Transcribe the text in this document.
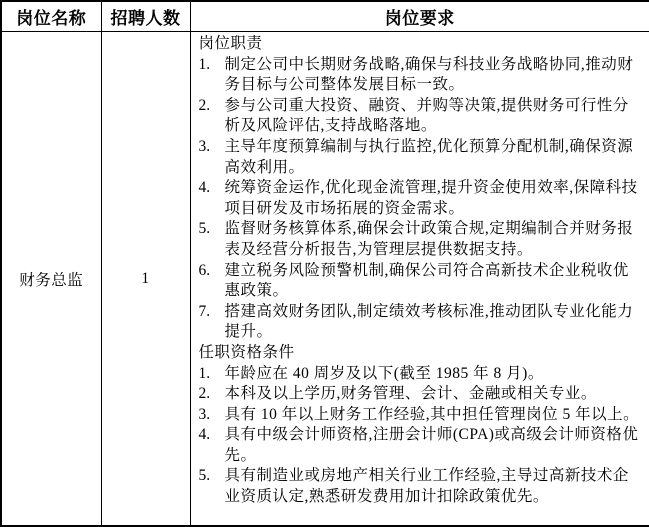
岗位名称	招聘人数	岗位要求
财务总监	1	
岗位职责
1. 制定公司中长期财务战略,确保与科技业务战略协同,推动财务目标与公司整体发展目标一致。
2. 参与公司重大投资、融资、并购等决策,提供财务可行性分析及风险评估,支持战略落地。
3. 主导年度预算编制与执行监控,优化预算分配机制,确保资源高效利用。
4. 统筹资金运作,优化现金流管理,提升资金使用效率,保障科技项目研发及市场拓展的资金需求。
5. 监督财务核算体系,确保会计政策合规,定期编制合并财务报表及经营分析报告,为管理层提供数据支持。
6. 建立税务风险预警机制,确保公司符合高新技术企业税收优惠政策。
7. 搭建高效财务团队,制定绩效考核标准,推动团队专业化能力提升。
任职资格条件
1. 年龄应在 40 周岁及以下(截至 1985 年 8 月)。
2. 本科及以上学历,财务管理、会计、金融或相关专业。
3. 具有 10 年以上财务工作经验,其中担任管理岗位 5 年以上。
4. 具有中级会计师资格,注册会计师(CPA)或高级会计师资格优先。
5. 具有制造业或房地产相关行业工作经验,主导过高新技术企业资质认定,熟悉研发费用加计扣除政策优先。
